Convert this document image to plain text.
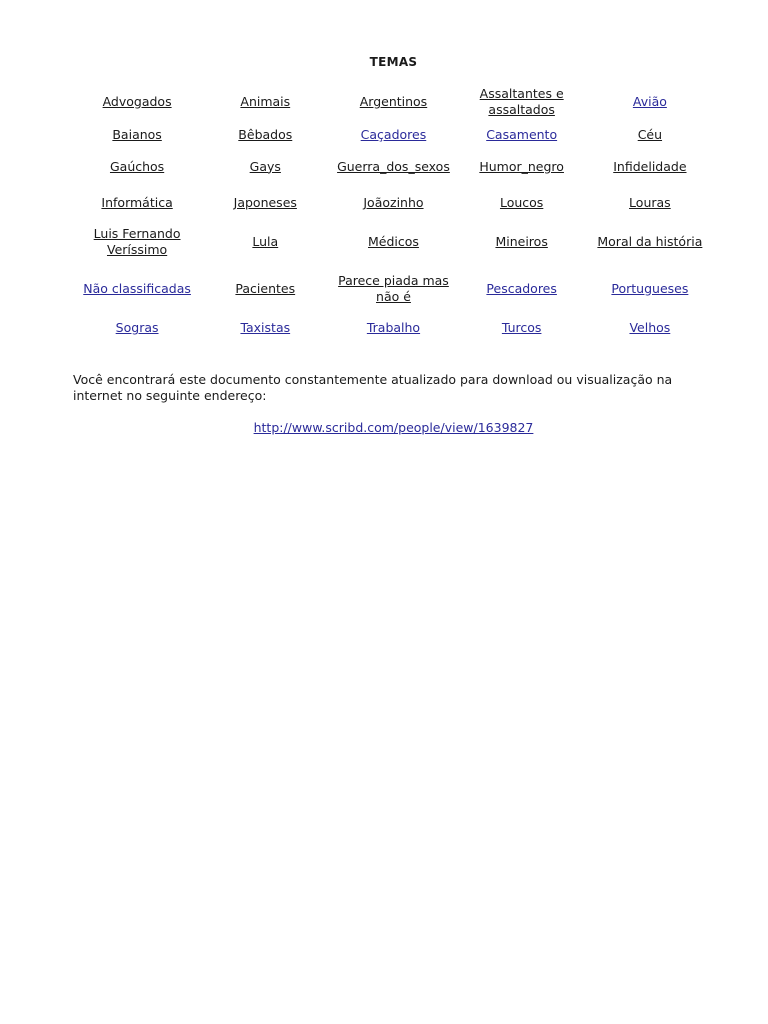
TEMAS
Advogados	Animais	Argentinos	Assaltantes e assaltados	Avião
Baianos	Bêbados	Caçadores	Casamento	Céu
Gaúchos	Gays	Guerra_dos_sexos	Humor_negro	Infidelidade
Informática	Japoneses	Joãozinho	Loucos	Louras
Luis Fernando Veríssimo	Lula	Médicos	Mineiros	Moral da história
Não classificadas	Pacientes	Parece piada mas não é	Pescadores	Portugueses
Sogras	Taxistas	Trabalho	Turcos	Velhos
Você encontrará este documento constantemente atualizado para download ou visualização na internet no seguinte endereço:
http://www.scribd.com/people/view/1639827
